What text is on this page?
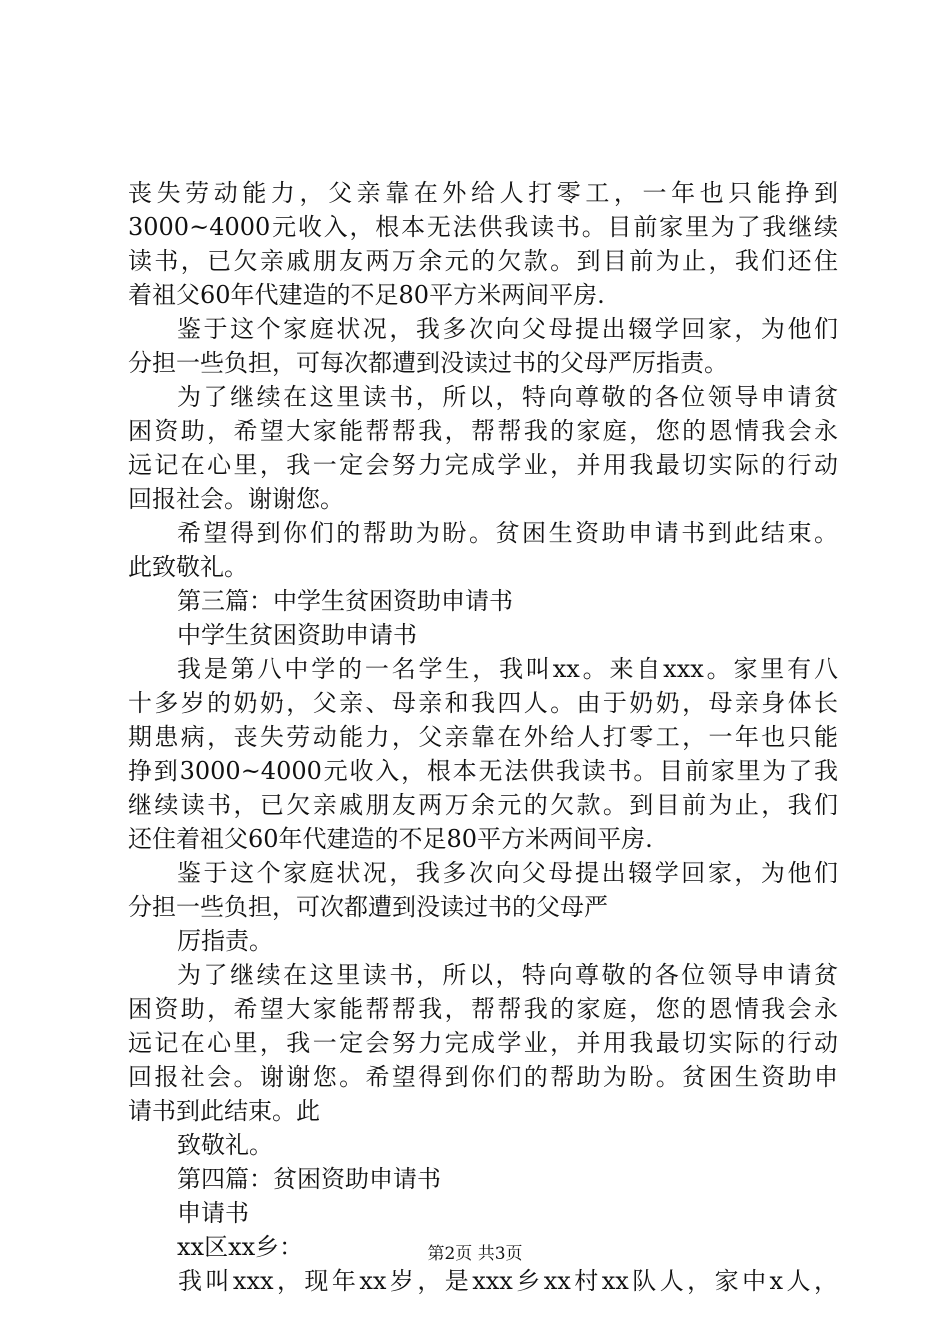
丧失劳动能力，父亲靠在外给人打零工，一年也只能挣到
3000~4000元收入，根本无法供我读书。目前家里为了我继续
读书，已欠亲戚朋友两万余元的欠款。到目前为止，我们还住
着祖父60年代建造的不足80平方米两间平房.
鉴于这个家庭状况，我多次向父母提出辍学回家，为他们
分担一些负担，可每次都遭到没读过书的父母严厉指责。
为了继续在这里读书，所以，特向尊敬的各位领导申请贫
困资助，希望大家能帮帮我，帮帮我的家庭，您的恩情我会永
远记在心里，我一定会努力完成学业，并用我最切实际的行动
回报社会。谢谢您。
希望得到你们的帮助为盼。贫困生资助申请书到此结束。
此致敬礼。
第三篇：中学生贫困资助申请书
中学生贫困资助申请书
我是第八中学的一名学生，我叫xx。来自xxx。家里有八
十多岁的奶奶，父亲、母亲和我四人。由于奶奶，母亲身体长
期患病，丧失劳动能力，父亲靠在外给人打零工，一年也只能
挣到3000~4000元收入，根本无法供我读书。目前家里为了我
继续读书，已欠亲戚朋友两万余元的欠款。到目前为止，我们
还住着祖父60年代建造的不足80平方米两间平房.
鉴于这个家庭状况，我多次向父母提出辍学回家，为他们
分担一些负担，可次都遭到没读过书的父母严
厉指责。
为了继续在这里读书，所以，特向尊敬的各位领导申请贫
困资助，希望大家能帮帮我，帮帮我的家庭，您的恩情我会永
远记在心里，我一定会努力完成学业，并用我最切实际的行动
回报社会。谢谢您。希望得到你们的帮助为盼。贫困生资助申
请书到此结束。此
致敬礼。
第四篇：贫困资助申请书
申请书
xx区xx乡：
我叫xxx，现年xx岁，是xxx乡xx村xx队人，家中x人，
第2页 共3页
